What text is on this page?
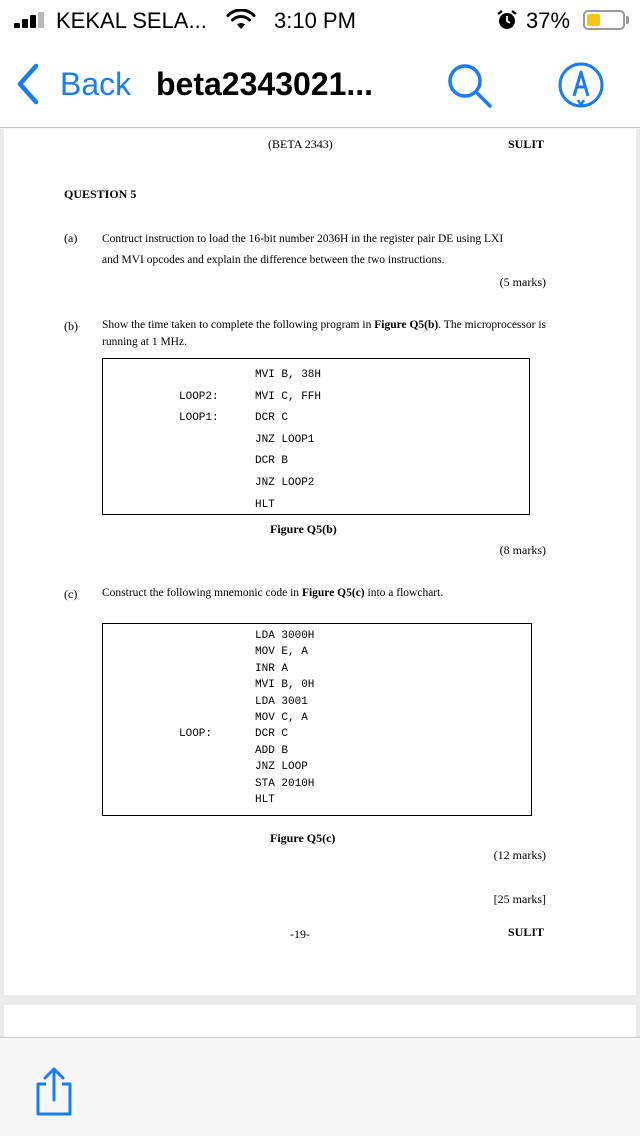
KEKAL SELA...	3:10 PM	37%
Back beta2343021...
(BETA 2343)	SULIT
QUESTION 5
(a) Contruct instruction to load the 16-bit number 2036H in the register pair DE using LXI
and MVI opcodes and explain the difference between the two instructions.
(5 marks)
(b) Show the time taken to complete the following program in Figure Q5(b). The microprocessor is running at 1 MHz.
MVI B, 38H
LOOP2:	MVI C, FFH
LOOP1:	DCR C
JNZ LOOP1
DCR B
JNZ LOOP2
HLT
Figure Q5(b)
(8 marks)
(c) Construct the following mnemonic code in Figure Q5(c) into a flowchart.
LDA 3000H
MOV E, A
INR A
MVI B, 0H
LDA 3001
MOV C, A
LOOP:	DCR C
ADD B
JNZ LOOP
STA 2010H
HLT
Figure Q5(c)
(12 marks)
[25 marks]
-19-	SULIT
